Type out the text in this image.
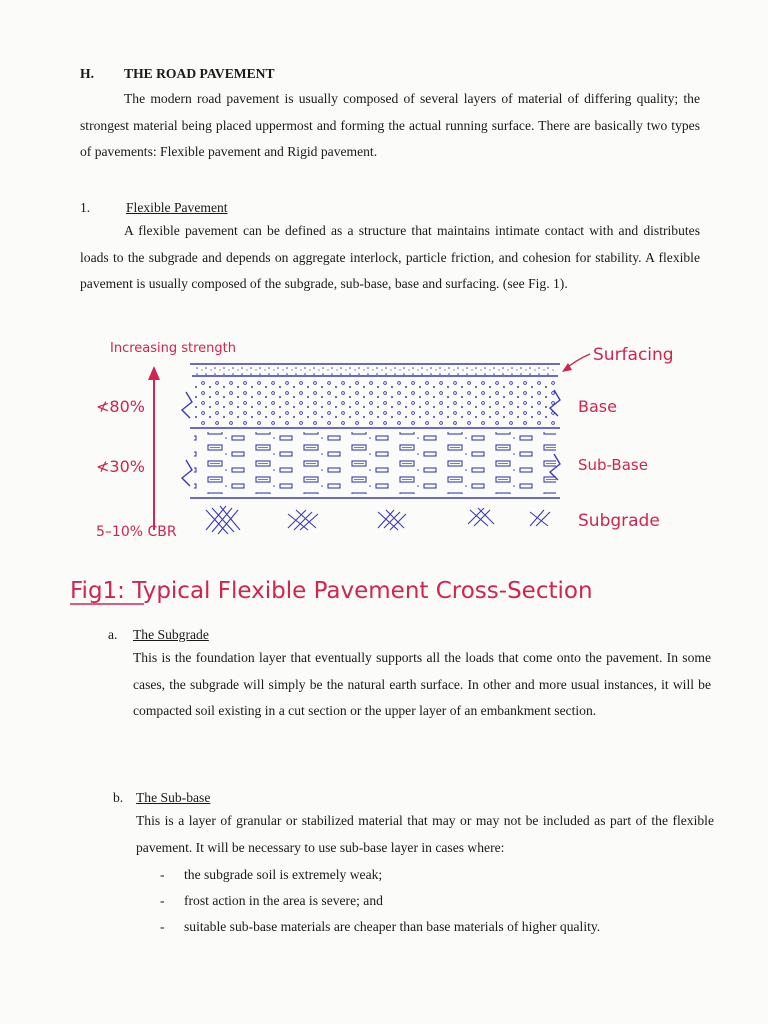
H. THE ROAD PAVEMENT

The modern road pavement is usually composed of several layers of material of differing quality; the strongest material being placed uppermost and forming the actual running surface. There are basically two types of pavements: Flexible pavement and Rigid pavement.

1.	Flexible Pavement

A flexible pavement can be defined as a structure that maintains intimate contact with and distributes loads to the subgrade and depends on aggregate interlock, particle friction, and cohesion for stability. A flexible pavement is usually composed of the subgrade, sub-base, base and surfacing. (see Fig. 1).

Surfacing
Base
Sub-Base
Subgrade
Increasing strength
≮80%
≮30%
5–10% CBR
Fig1: Typical Flexible Pavement Cross-Section
a. The Subgrade

This is the foundation layer that eventually supports all the loads that come onto the pavement. In some cases, the subgrade will simply be the natural earth surface. In other and more usual instances, it will be compacted soil existing in a cut section or the upper layer of an embankment section.

b. The Sub-base

This is a layer of granular or stabilized material that may or may not be included as part of the flexible pavement. It will be necessary to use sub-base layer in cases where:

- the subgrade soil is extremely weak;
- frost action in the area is severe; and
- suitable sub-base materials are cheaper than base materials of higher quality.
